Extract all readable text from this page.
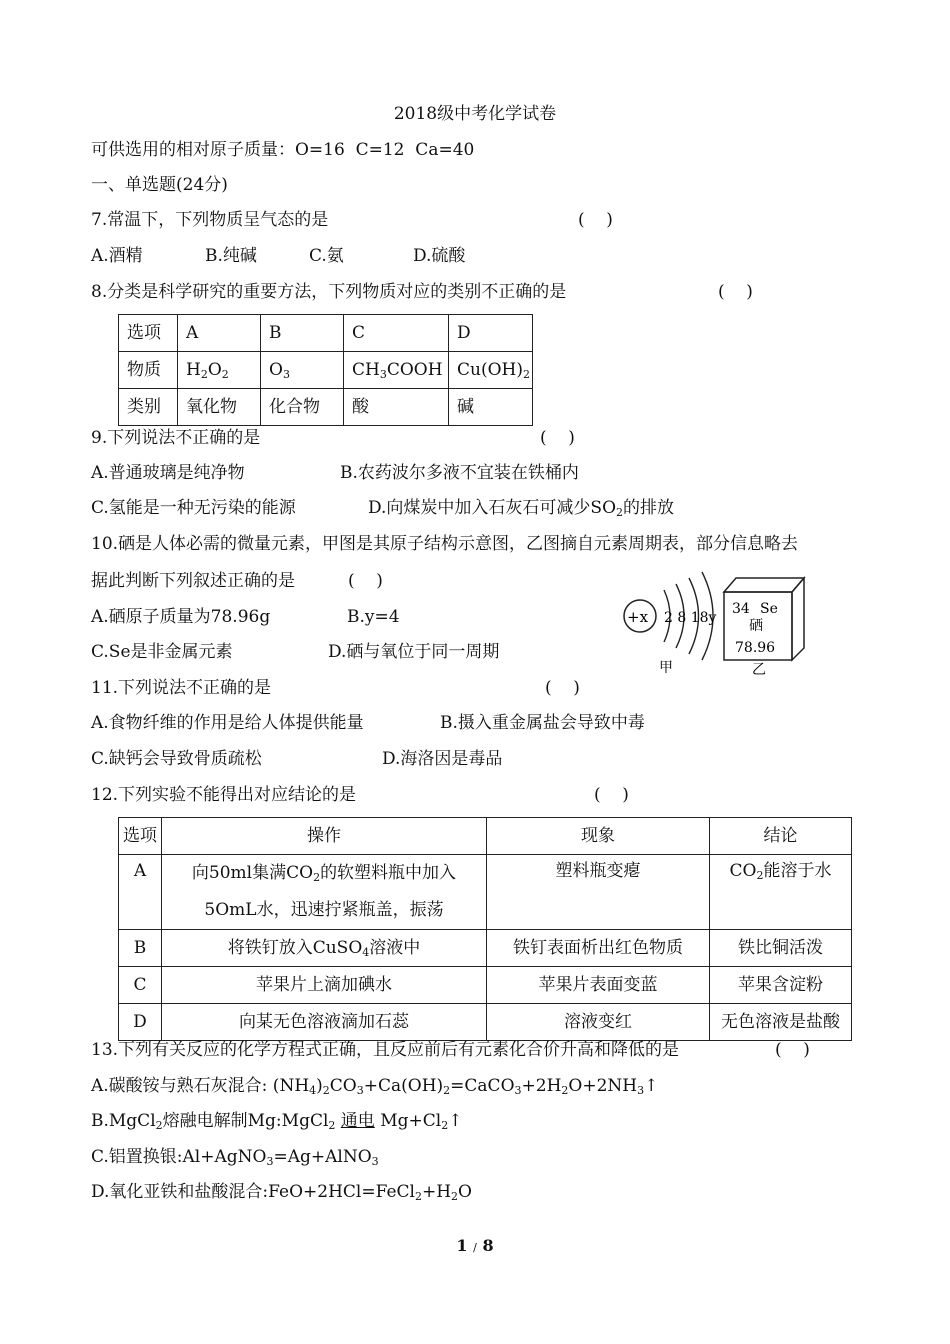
2018级中考化学试卷
可供选用的相对原子质量：O=16  C=12  Ca=40
一、单选题(24分)
7.常温下，下列物质呈气态的是	(    )
A.酒精	B.纯碱	C.氨	D.硫酸
8.分类是科学研究的重要方法，下列物质对应的类别不正确的是	(    )
选项	A	B	C	D
物质	$H_2O_2$	$O_3$	$CH_3COOH$	$Cu(OH)_2$
类别	氧化物	化合物	酸	碱
9.下列说法不正确的是	(    )
A.普通玻璃是纯净物	B.农药波尔多液不宜装在铁桶内
C.氢能是一种无污染的能源	D.向煤炭中加入石灰石可减少$SO_2$的排放
10.硒是人体必需的微量元素，甲图是其原子结构示意图，乙图摘自元素周期表，部分信息略去
据此判断下列叙述正确的是	(    )
A.硒原子质量为78.96g	B.y=4
C.Se是非金属元素	D.硒与氧位于同一周期
+x 2 8 18y
甲
34 Se
硒
78.96
乙
11.下列说法不正确的是	(    )
A.食物纤维的作用是给人体提供能量	B.摄入重金属盐会导致中毒
C.缺钙会导致骨质疏松	D.海洛因是毒品
12.下列实验不能得出对应结论的是	(    )
选项	操作	现象	结论
A	向50ml集满$CO_2$的软塑料瓶中加入
5OmL水，迅速拧紧瓶盖，振荡	塑料瓶变瘪	$CO_2$能溶于水
B	将铁钉放入CuSO$_4$溶液中	铁钉表面析出红色物质	铁比铜活泼
C	苹果片上滴加碘水	苹果片表面变蓝	苹果含淀粉
D	向某无色溶液滴加石蕊	溶液变红	无色溶液是盐酸
13.下列有关反应的化学方程式正确，且反应前后有元素化合价升高和降低的是	(    )
A.碳酸铵与熟石灰混合: $(NH_4)_2CO_3+Ca(OH)_2=CaCO_3+2H_2O+2NH_3↑$
B.MgCl$_2$熔融电解制Mg:MgCl$_2$ 通电 $Mg+Cl_2↑$
C.铝置换银:Al+AgNO$_3$=Ag+AlNO$_3$
D.氧化亚铁和盐酸混合$:FeO+2HCl=FeCl_2+H_2O$
1 / 8
